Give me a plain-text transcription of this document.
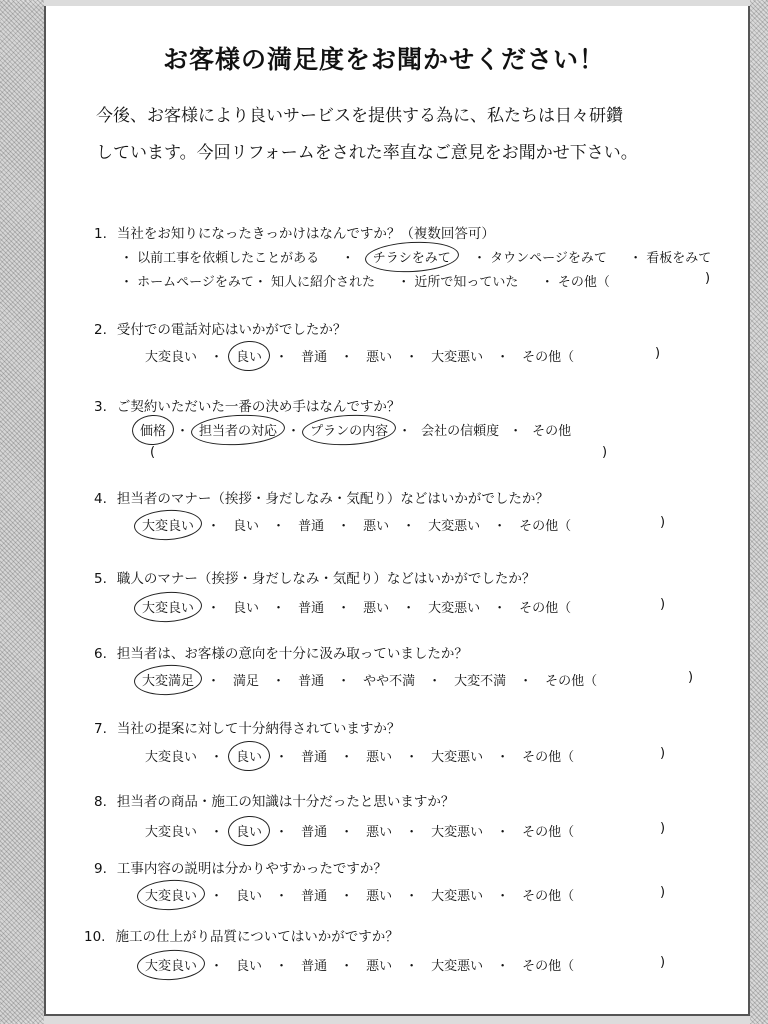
お客様の満足度をお聞かせください！
今後、お客様により良いサービスを提供する為に、私たちは日々研鑽
しています。今回リフォームをされた率直なご意見をお聞かせ下さい。
1. 当社をお知りになったきっかけはなんですか？（複数回答可）
・ 以前工事を依頼したことがある ・ チラシをみて ・ タウンページをみて ・ 看板をみて
・ ホームページをみて・ 知人に紹介された ・ 近所で知っていた ・ その他（	)
2. 受付での電話対応はいかがでしたか？
大変良い ・ 良い ・ 普通 ・ 悪い ・ 大変悪い ・ その他（	)
3. ご契約いただいた一番の決め手はなんですか？
価格 ・ 担当者の対応 ・ プランの内容 ・ 会社の信頼度 ・ その他
(	)
4. 担当者のマナー（挨拶・身だしなみ・気配り）などはいかがでしたか？
大変良い ・ 良い ・ 普通 ・ 悪い ・ 大変悪い ・ その他（	)
5. 職人のマナー（挨拶・身だしなみ・気配り）などはいかがでしたか？
大変良い ・ 良い ・ 普通 ・ 悪い ・ 大変悪い ・ その他（	)
6. 担当者は、お客様の意向を十分に汲み取っていましたか？
大変満足 ・ 満足 ・ 普通 ・ やや不満 ・ 大変不満 ・ その他（	)
7. 当社の提案に対して十分納得されていますか？
大変良い ・ 良い ・ 普通 ・ 悪い ・ 大変悪い ・ その他（	)
8. 担当者の商品・施工の知識は十分だったと思いますか？
大変良い ・ 良い ・ 普通 ・ 悪い ・ 大変悪い ・ その他（	)
9. 工事内容の説明は分かりやすかったですか？
大変良い ・ 良い ・ 普通 ・ 悪い ・ 大変悪い ・ その他（	)
10. 施工の仕上がり品質についてはいかがですか？
大変良い ・ 良い ・ 普通 ・ 悪い ・ 大変悪い ・ その他（	)
